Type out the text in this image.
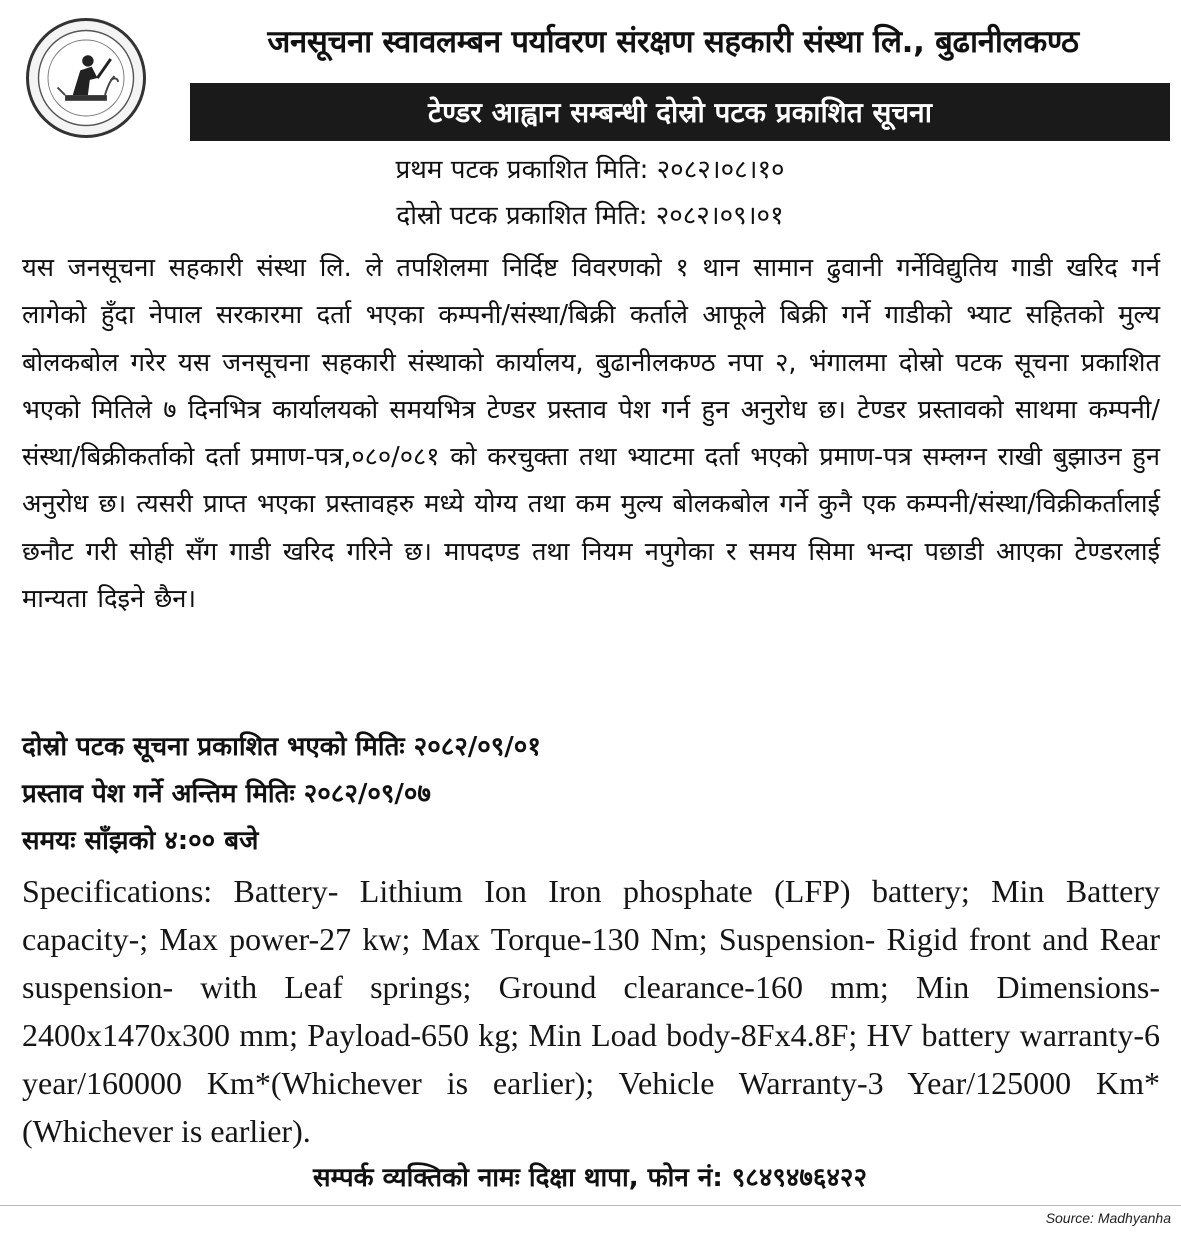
जनसूचना स्वावलम्बन पर्यावरण संरक्षण सहकारी संस्था लि., बुढानीलकण्ठ
टेण्डर आह्वान सम्बन्धी दोस्रो पटक प्रकाशित सूचना
प्रथम पटक प्रकाशित मिति: २०८२।०८।१०
दोस्रो पटक प्रकाशित मिति: २०८२।०९।०१
यस जनसूचना सहकारी संस्था लि. ले तपशिलमा निर्दिष्ट विवरणको १ थान सामान ढुवानी गर्नेविद्युतिय गाडी खरिद गर्न लागेको हुँदा नेपाल सरकारमा दर्ता भएका कम्पनी/संस्था/बिक्री कर्ताले आफूले बिक्री गर्ने गाडीको भ्याट सहितको मुल्य बोलकबोल गरेर यस जनसूचना सहकारी संस्थाको कार्यालय, बुढानीलकण्ठ नपा २, भंगालमा दोस्रो पटक सूचना प्रकाशित भएको मितिले ७ दिनभित्र कार्यालयको समयभित्र टेण्डर प्रस्ताव पेश गर्न हुन अनुरोध छ। टेण्डर प्रस्तावको साथमा कम्पनी/संस्था/बिक्रीकर्ताको दर्ता प्रमाण-पत्र,०८०/०८१ को करचुक्ता तथा भ्याटमा दर्ता भएको प्रमाण-पत्र सम्लग्न राखी बुझाउन हुन अनुरोध छ। त्यसरी प्राप्त भएका प्रस्तावहरु मध्ये योग्य तथा कम मुल्य बोलकबोल गर्ने कुनै एक कम्पनी/संस्था/विक्रीकर्तालाई छनौट गरी सोही सँग गाडी खरिद गरिने छ। मापदण्ड तथा नियम नपुगेका र समय सिमा भन्दा पछाडी आएका टेण्डरलाई मान्यता दिइने छैन।
दोस्रो पटक सूचना प्रकाशित भएको मितिः २०८२/०९/०१
प्रस्ताव पेश गर्ने अन्तिम मितिः २०८२/०९/०७
समयः साँझको ४:०० बजे
Specifications: Battery- Lithium Ion Iron phosphate (LFP) battery; Min Battery capacity-; Max power-27 kw; Max Torque-130 Nm; Suspension- Rigid front and Rear suspension- with Leaf springs; Ground clearance-160 mm; Min Dimensions-2400x1470x300 mm; Payload-650 kg; Min Load body-8Fx4.8F; HV battery warranty-6 year/160000 Km*(Whichever is earlier); Vehicle Warranty-3 Year/125000 Km* (Whichever is earlier).
सम्पर्क व्यक्तिको नामः दिक्षा थापा, फोन नं: ९८४९४७६४२२
Source: Madhyanha
